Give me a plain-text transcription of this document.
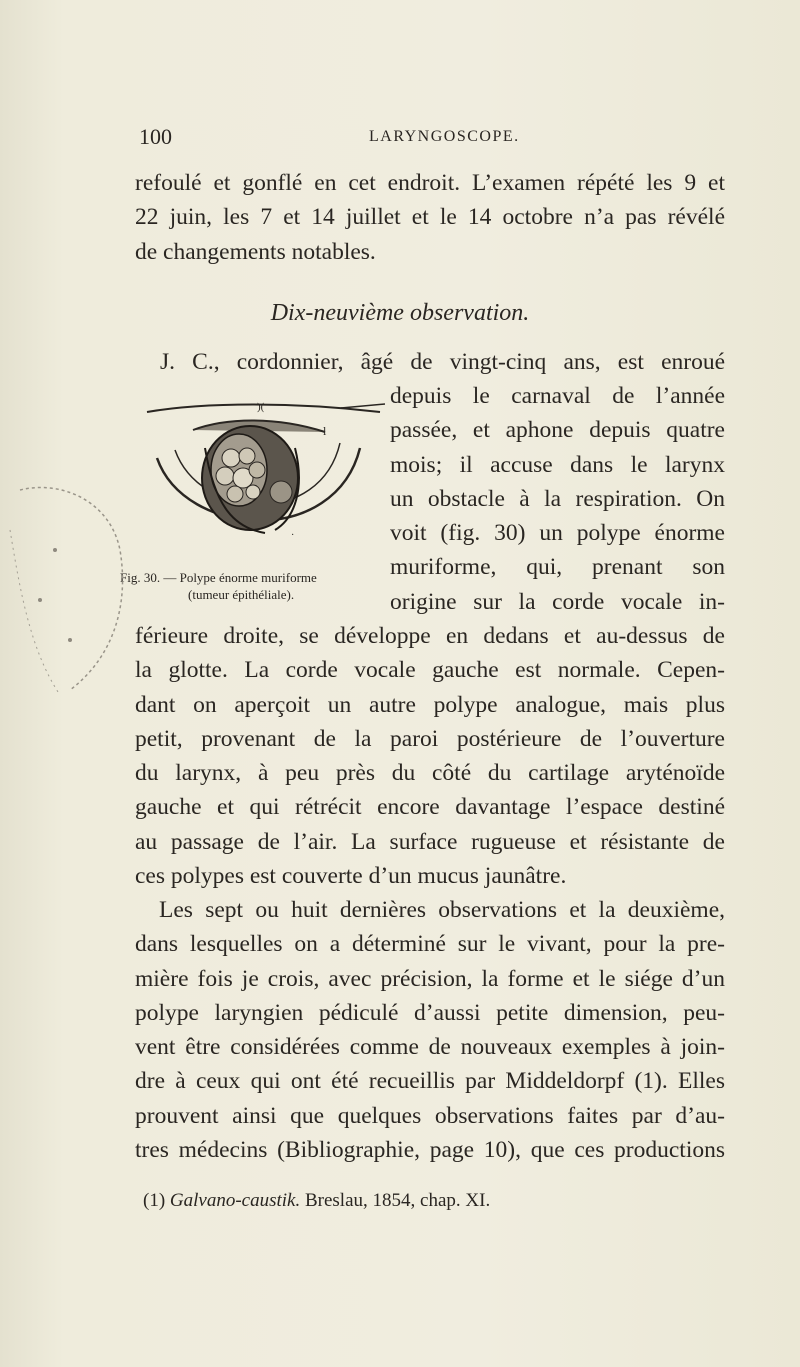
100	LARYNGOSCOPE.

refoulé et gonflé en cet endroit. L’examen répété les 9 et
22 juin, les 7 et 14 juillet et le 14 octobre n’a pas révélé
de changements notables.

Dix-neuvième observation.

J. C., cordonnier, âgé de vingt-cinq ans, est enroué

depuis le carnaval de l’année
passée, et aphone depuis quatre
mois; il accuse dans le larynx
un obstacle à la respiration. On
voit (fig. 30) un polype énorme
muriforme, qui, prenant son
origine sur la corde vocale in-

)(
l
·
Fig. 30. — Polype énorme muriforme
(tumeur épithéliale).

férieure droite, se développe en dedans et au-dessus de
la glotte. La corde vocale gauche est normale. Cepen-
dant on aperçoit un autre polype analogue, mais plus
petit, provenant de la paroi postérieure de l’ouverture
du larynx, à peu près du côté du cartilage aryténoïde
gauche et qui rétrécit encore davantage l’espace destiné
au passage de l’air. La surface rugueuse et résistante de
ces polypes est couverte d’un mucus jaunâtre.

Les sept ou huit dernières observations et la deuxième,
dans lesquelles on a déterminé sur le vivant, pour la pre-
mière fois je crois, avec précision, la forme et le siége d’un
polype laryngien pédiculé d’aussi petite dimension, peu-
vent être considérées comme de nouveaux exemples à join-
dre à ceux qui ont été recueillis par Middeldorpf (1). Elles
prouvent ainsi que quelques observations faites par d’au-
tres médecins (Bibliographie, page 10), que ces productions

(1) Galvano-caustik. Breslau, 1854, chap. XI.
